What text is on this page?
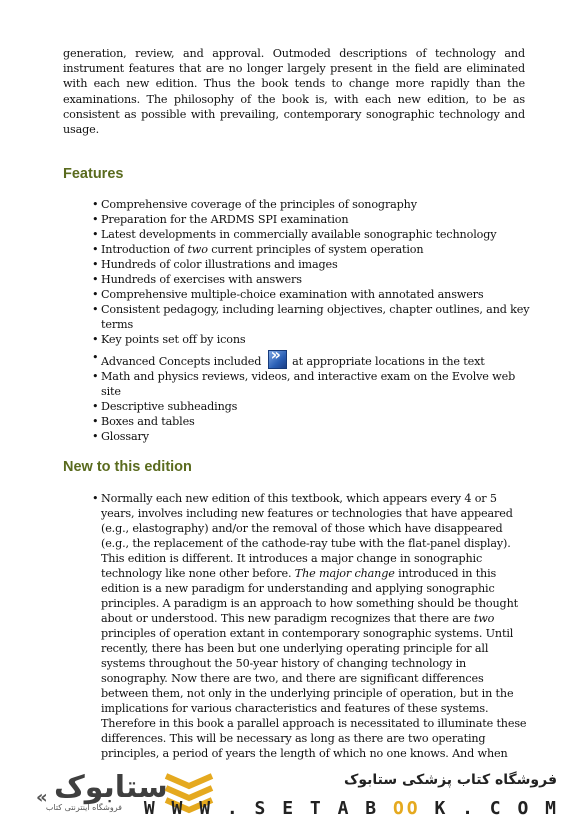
generation, review, and approval. Outmoded descriptions of technology and instrument features that are no longer largely present in the field are eliminated with each new edition. Thus the book tends to change more rapidly than the examinations. The philosophy of the book is, with each new edition, to be as consistent as possible with prevailing, contemporary sonographic technology and usage.

Features
• Comprehensive coverage of the principles of sonography
• Preparation for the ARDMS SPI examination
• Latest developments in commercially available sonographic technology
• Introduction of two current principles of system operation
• Hundreds of color illustrations and images
• Hundreds of exercises with answers
• Comprehensive multiple-choice examination with annotated answers
• Consistent pedagogy, including learning objectives, chapter outlines, and key terms
• Key points set off by icons
• Advanced Concepts included » at appropriate locations in the text
• Math and physics reviews, videos, and interactive exam on the Evolve web site
• Descriptive subheadings
• Boxes and tables
• Glossary
New to this edition
• Normally each new edition of this textbook, which appears every 4 or 5 years, involves including new features or technologies that have appeared (e.g., elastography) and/or the removal of those which have disappeared (e.g., the replacement of the cathode-ray tube with the flat-panel display). This edition is different. It introduces a major change in sonographic technology like none other before. The major change introduced in this edition is a new paradigm for understanding and applying sonographic principles. A paradigm is an approach to how something should be thought about or understood. This new paradigm recognizes that there are two principles of operation extant in contemporary sonographic systems. Until recently, there has been but one underlying operating principle for all systems throughout the 50-year history of changing technology in sonography. Now there are two, and there are significant differences between them, not only in the underlying principle of operation, but in the implications for various characteristics and features of these systems. Therefore in this book a parallel approach is necessitated to illuminate these differences. This will be necessary as long as there are two operating principles, a period of years the length of which no one knows. And when
« ستابوک
فروشگاه اینترنتی کتاب
فروشگاه کتاب پزشکی ستابوک
W W W . S E T A B OO K . C O M
